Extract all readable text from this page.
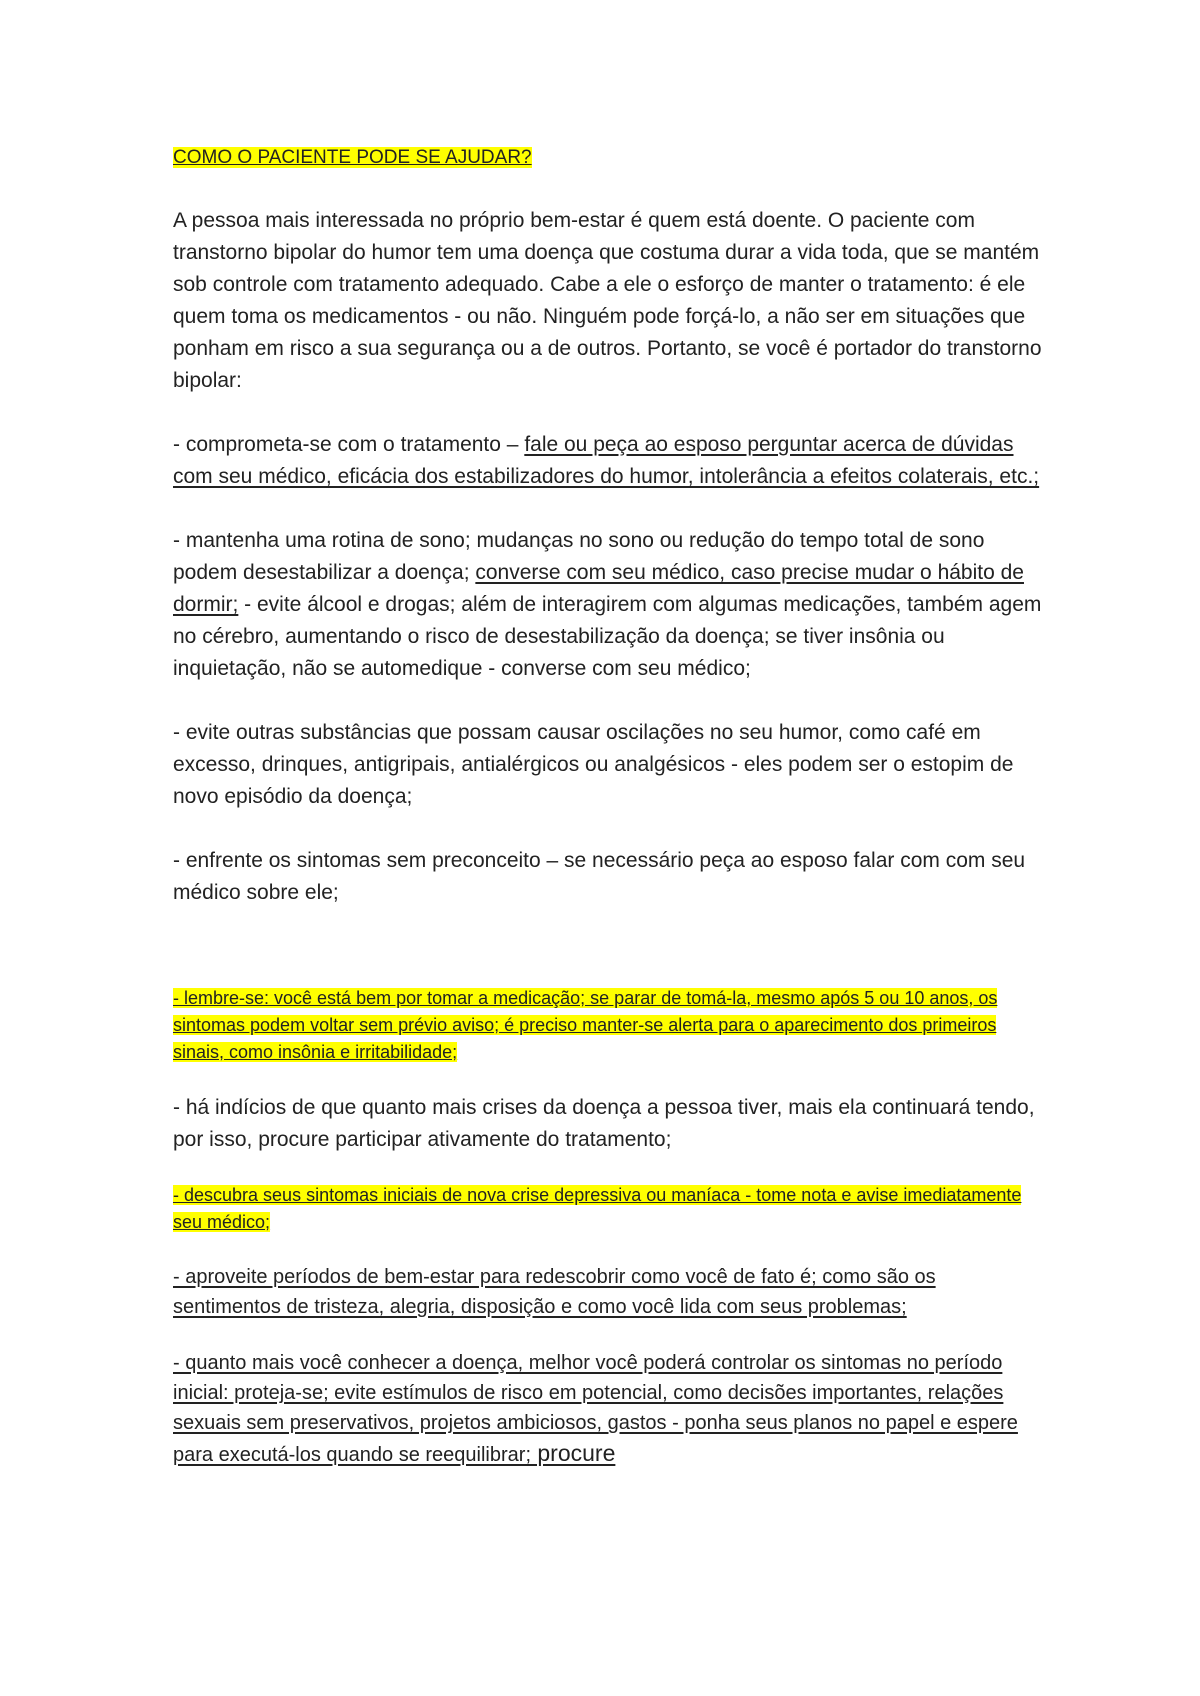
COMO O PACIENTE PODE SE AJUDAR?

A pessoa mais interessada no próprio bem-estar é quem está doente. O paciente com transtorno bipolar do humor tem uma doença que costuma durar a vida toda, que se mantém sob controle com tratamento adequado. Cabe a ele o esforço de manter o tratamento: é ele quem toma os medicamentos - ou não. Ninguém pode forçá-lo, a não ser em situações que ponham em risco a sua segurança ou a de outros. Portanto, se você é portador do transtorno bipolar:

- comprometa-se com o tratamento – fale ou peça ao esposo perguntar acerca de dúvidas com seu médico, eficácia dos estabilizadores do humor, intolerância a efeitos colaterais, etc.;

- mantenha uma rotina de sono; mudanças no sono ou redução do tempo total de sono podem desestabilizar a doença; converse com seu médico, caso precise mudar o hábito de dormir; - evite álcool e drogas; além de interagirem com algumas medicações, também agem no cérebro, aumentando o risco de desestabilização da doença; se tiver insônia ou inquietação, não se automedique - converse com seu médico;

- evite outras substâncias que possam causar oscilações no seu humor, como café em excesso, drinques, antigripais, antialérgicos ou analgésicos - eles podem ser o estopim de novo episódio da doença;

- enfrente os sintomas sem preconceito – se necessário peça ao esposo falar com com seu médico sobre ele;

- lembre-se: você está bem por tomar a medicação; se parar de tomá-la, mesmo após 5 ou 10 anos, os sintomas podem voltar sem prévio aviso; é preciso manter-se alerta para o aparecimento dos primeiros sinais, como insônia e irritabilidade;

- há indícios de que quanto mais crises da doença a pessoa tiver, mais ela continuará tendo, por isso, procure participar ativamente do tratamento;

- descubra seus sintomas iniciais de nova crise depressiva ou maníaca - tome nota e avise imediatamente seu médico;

- aproveite períodos de bem-estar para redescobrir como você de fato é; como são os sentimentos de tristeza, alegria, disposição e como você lida com seus problemas;

- quanto mais você conhecer a doença, melhor você poderá controlar os sintomas no período inicial: proteja-se; evite estímulos de risco em potencial, como decisões importantes, relações sexuais sem preservativos, projetos ambiciosos, gastos - ponha seus planos no papel e espere para executá-los quando se reequilibrar; procure
